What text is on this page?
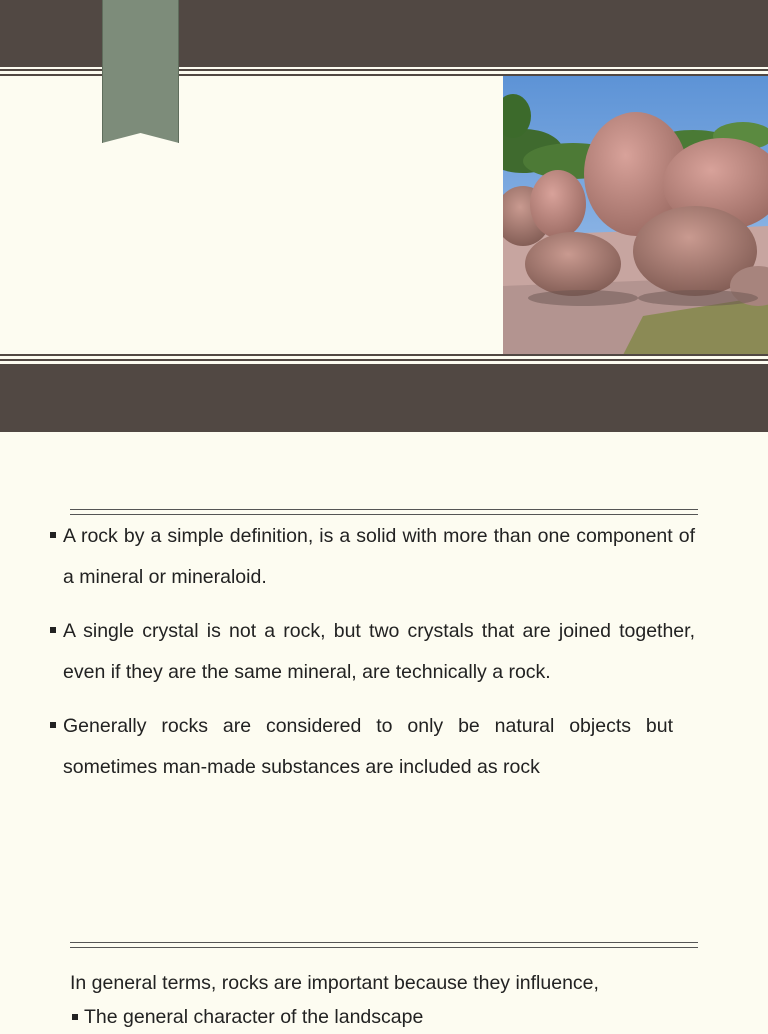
A rock by a simple definition, is a solid with more than one component of a mineral or mineraloid.
A single crystal is not a rock, but two crystals that are joined together, even if they are the same mineral, are technically a rock.
Generally rocks are considered to only be natural objects but sometimes man-made substances are included as rock
In general terms, rocks are important because they influence,
The general character of the landscape
